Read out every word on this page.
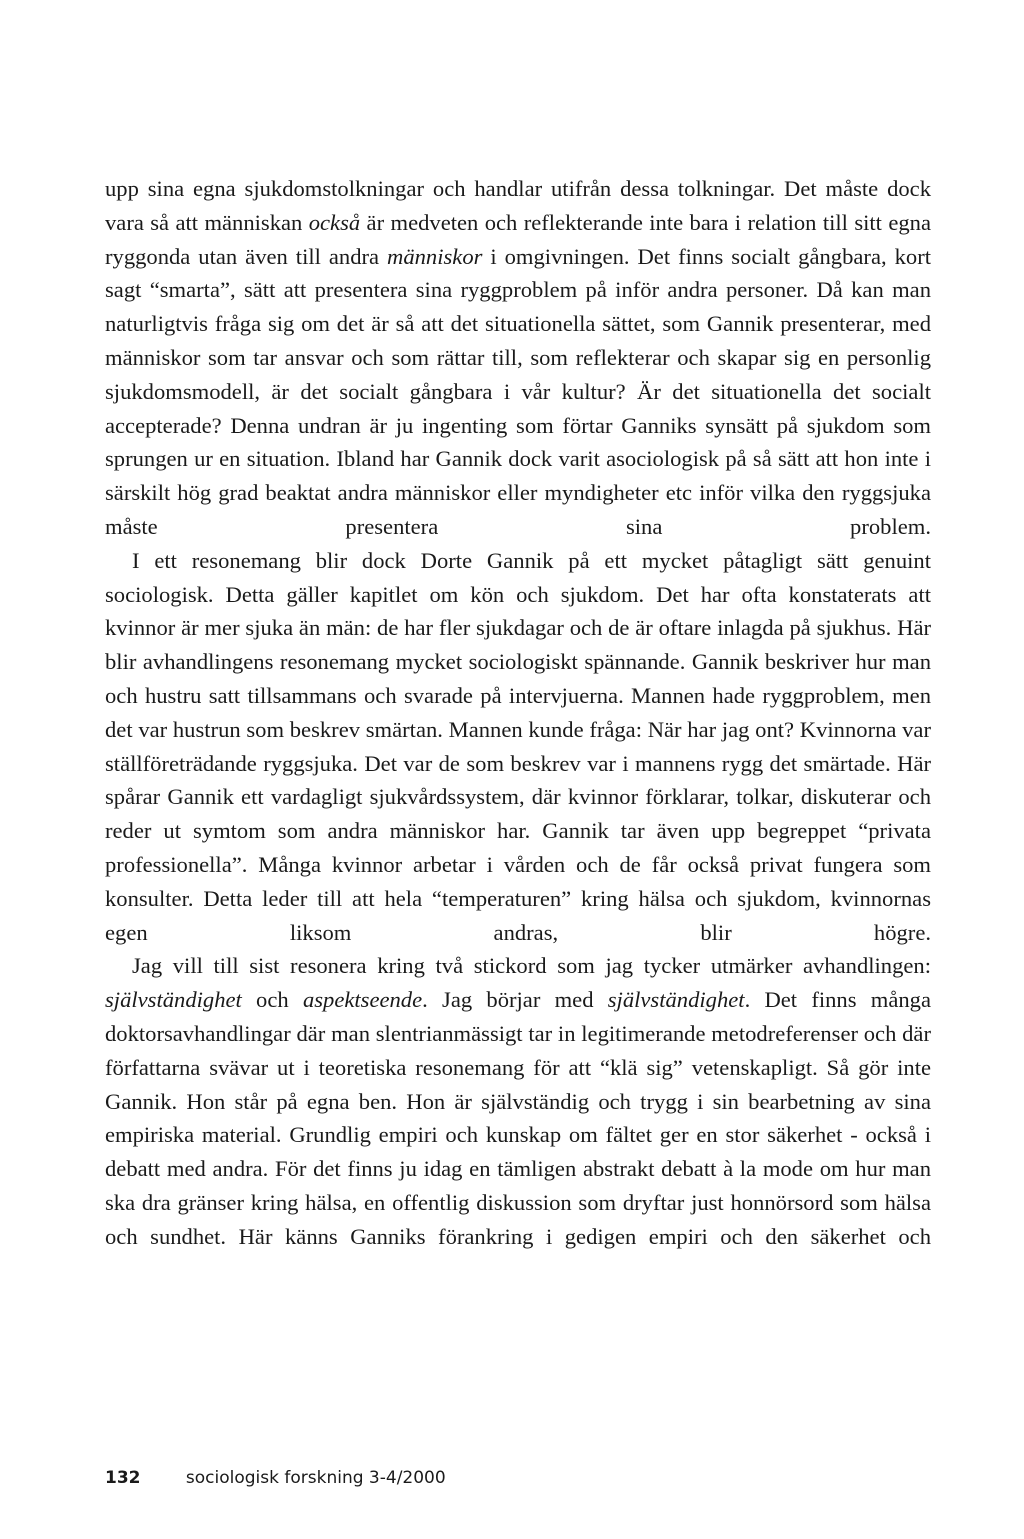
upp sina egna sjukdomstolkningar och handlar utifrån dessa tolkningar. Det måste dock vara så att människan också är medveten och reflekterande inte bara i relation till sitt egna ryggonda utan även till andra människor i omgivningen. Det finns socialt gångbara, kort sagt “smarta”, sätt att presentera sina ryggproblem på inför andra personer. Då kan man naturligtvis fråga sig om det är så att det situationella sättet, som Gannik presenterar, med människor som tar ansvar och som rättar till, som reflekterar och skapar sig en personlig sjukdomsmodell, är det socialt gångbara i vår kultur? Är det situationella det socialt accepterade? Denna undran är ju ingenting som förtar Ganniks synsätt på sjukdom som sprungen ur en situation. Ibland har Gannik dock varit asociologisk på så sätt att hon inte i särskilt hög grad beaktat andra människor eller myndigheter etc inför vilka den ryggsjuka måste presentera sina problem.

I ett resonemang blir dock Dorte Gannik på ett mycket påtagligt sätt genuint sociologisk. Detta gäller kapitlet om kön och sjukdom. Det har ofta konstaterats att kvinnor är mer sjuka än män: de har fler sjukdagar och de är oftare inlagda på sjukhus. Här blir avhandlingens resonemang mycket sociologiskt spännande. Gannik beskriver hur man och hustru satt tillsammans och svarade på intervjuerna. Mannen hade ryggproblem, men det var hustrun som beskrev smärtan. Mannen kunde fråga: När har jag ont? Kvinnorna var ställföreträdande ryggsjuka. Det var de som beskrev var i mannens rygg det smärtade. Här spårar Gannik ett vardagligt sjukvårdssystem, där kvinnor förklarar, tolkar, diskuterar och reder ut symtom som andra människor har. Gannik tar även upp begreppet “privata professionella”. Många kvinnor arbetar i vården och de får också privat fungera som konsulter. Detta leder till att hela “temperaturen” kring hälsa och sjukdom, kvinnornas egen liksom andras, blir högre.

Jag vill till sist resonera kring två stickord som jag tycker utmärker avhandlingen: självständighet och aspektseende. Jag börjar med självständighet. Det finns många doktorsavhandlingar där man slentrianmässigt tar in legitimerande metodreferenser och där författarna svävar ut i teoretiska resonemang för att “klä sig” vetenskapligt. Så gör inte Gannik. Hon står på egna ben. Hon är självständig och trygg i sin bearbetning av sina empiriska material. Grundlig empiri och kunskap om fältet ger en stor säkerhet - också i debatt med andra. För det finns ju idag en tämligen abstrakt debatt à la mode om hur man ska dra gränser kring hälsa, en offentlig diskussion som dryftar just honnörsord som hälsa och sundhet. Här känns Ganniks förankring i gedigen empiri och den säkerhet och

132	sociologisk forskning 3-4/2000
